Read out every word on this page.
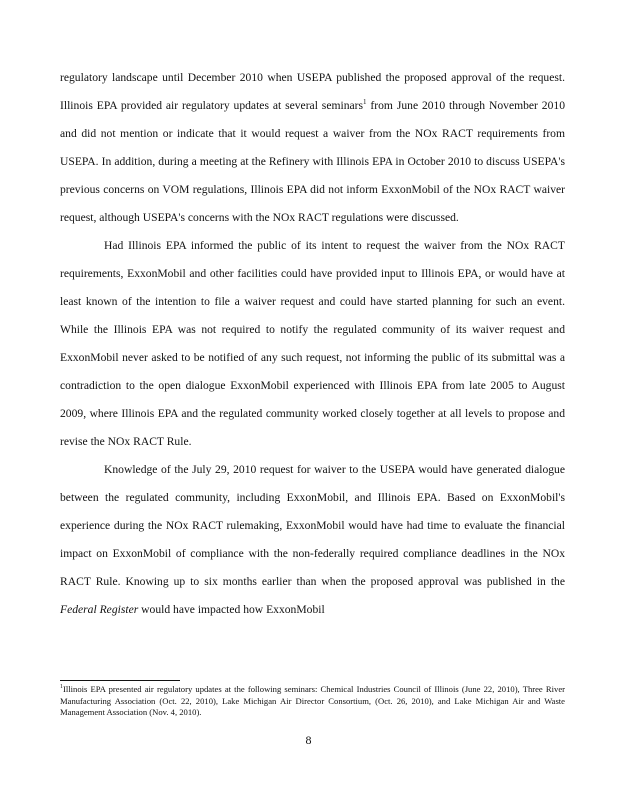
regulatory landscape until December 2010 when USEPA published the proposed approval of the request. Illinois EPA provided air regulatory updates at several seminars$^1$ from June 2010 through November 2010 and did not mention or indicate that it would request a waiver from the NOx RACT requirements from USEPA. In addition, during a meeting at the Refinery with Illinois EPA in October 2010 to discuss USEPA's previous concerns on VOM regulations, Illinois EPA did not inform ExxonMobil of the NOx RACT waiver request, although USEPA's concerns with the NOx RACT regulations were discussed.

Had Illinois EPA informed the public of its intent to request the waiver from the NOx RACT requirements, ExxonMobil and other facilities could have provided input to Illinois EPA, or would have at least known of the intention to file a waiver request and could have started planning for such an event. While the Illinois EPA was not required to notify the regulated community of its waiver request and ExxonMobil never asked to be notified of any such request, not informing the public of its submittal was a contradiction to the open dialogue ExxonMobil experienced with Illinois EPA from late 2005 to August 2009, where Illinois EPA and the regulated community worked closely together at all levels to propose and revise the NOx RACT Rule.

Knowledge of the July 29, 2010 request for waiver to the USEPA would have generated dialogue between the regulated community, including ExxonMobil, and Illinois EPA. Based on ExxonMobil's experience during the NOx RACT rulemaking, ExxonMobil would have had time to evaluate the financial impact on ExxonMobil of compliance with the non-federally required compliance deadlines in the NOx RACT Rule. Knowing up to six months earlier than when the proposed approval was published in the Federal Register would have impacted how ExxonMobil

$^1$Illinois EPA presented air regulatory updates at the following seminars: Chemical Industries Council of Illinois (June 22, 2010), Three River Manufacturing Association (Oct. 22, 2010), Lake Michigan Air Director Consortium, (Oct. 26, 2010), and Lake Michigan Air and Waste Management Association (Nov. 4, 2010).
8
